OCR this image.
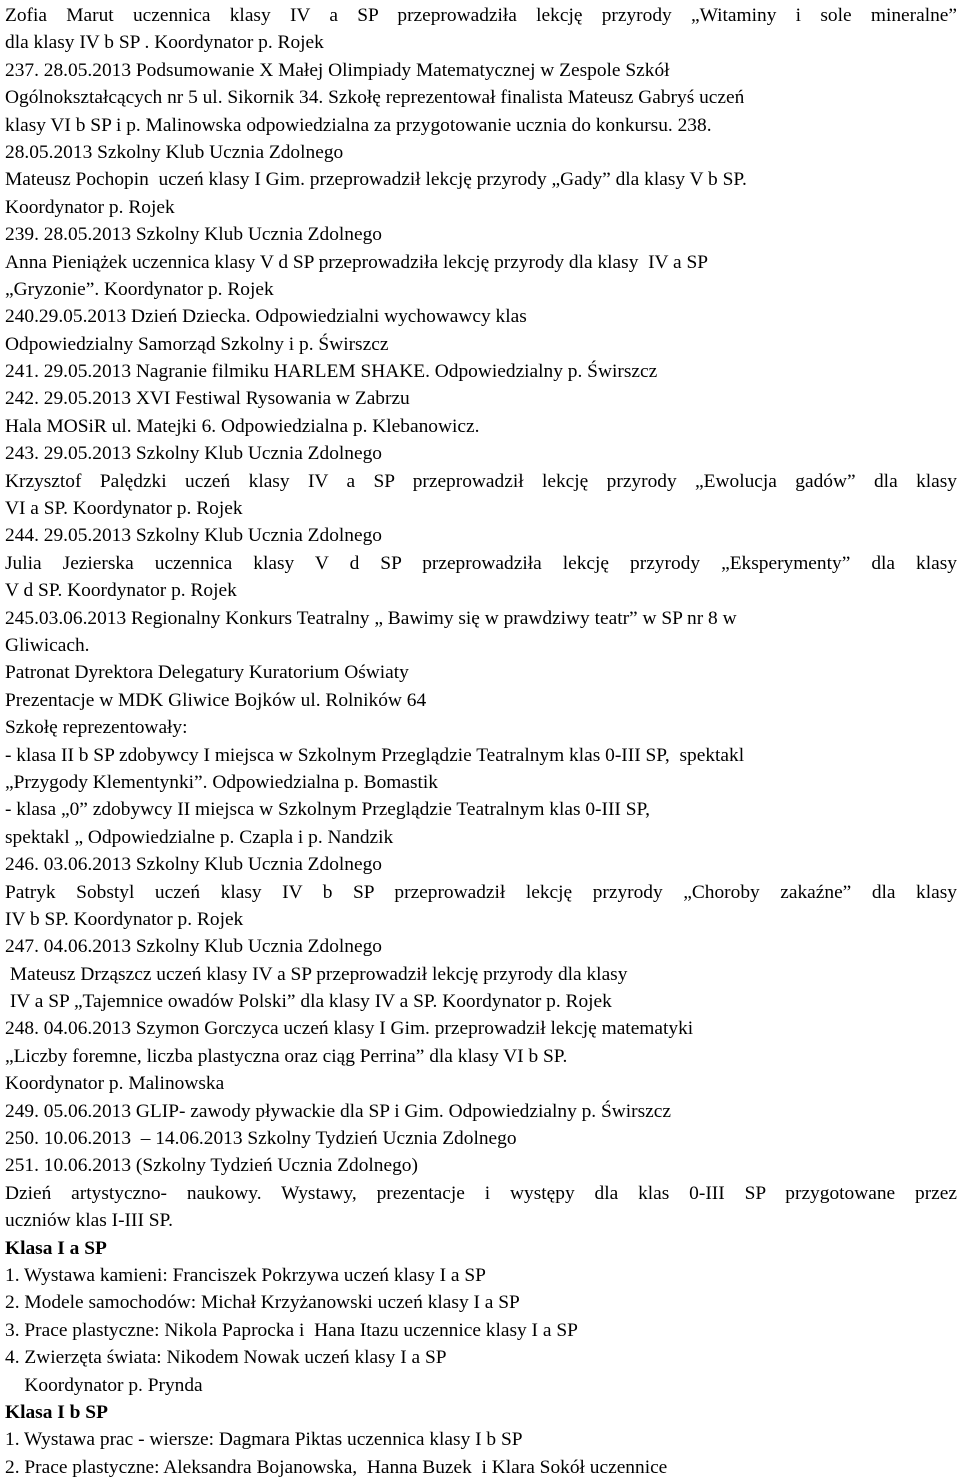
Zofia Marut uczennica klasy IV a SP przeprowadziła lekcję przyrody „Witaminy i sole mineralne”
dla klasy IV b SP . Koordynator p. Rojek
237. 28.05.2013 Podsumowanie X Małej Olimpiady Matematycznej w Zespole Szkół
Ogólnokształcących nr 5 ul. Sikornik 34. Szkołę reprezentował finalista Mateusz Gabryś uczeń
klasy VI b SP i p. Malinowska odpowiedzialna za przygotowanie ucznia do konkursu. 238.
28.05.2013 Szkolny Klub Ucznia Zdolnego
Mateusz Pochopin  uczeń klasy I Gim. przeprowadził lekcję przyrody „Gady” dla klasy V b SP.
Koordynator p. Rojek
239. 28.05.2013 Szkolny Klub Ucznia Zdolnego
Anna Pieniążek uczennica klasy V d SP przeprowadziła lekcję przyrody dla klasy  IV a SP
„Gryzonie”. Koordynator p. Rojek
240.29.05.2013 Dzień Dziecka. Odpowiedzialni wychowawcy klas
Odpowiedzialny Samorząd Szkolny i p. Świrszcz
241. 29.05.2013 Nagranie filmiku HARLEM SHAKE. Odpowiedzialny p. Świrszcz
242. 29.05.2013 XVI Festiwal Rysowania w Zabrzu
Hala MOSiR ul. Matejki 6. Odpowiedzialna p. Klebanowicz.
243. 29.05.2013 Szkolny Klub Ucznia Zdolnego
Krzysztof Palędzki uczeń klasy IV a SP przeprowadził lekcję przyrody „Ewolucja gadów” dla klasy
VI a SP. Koordynator p. Rojek
244. 29.05.2013 Szkolny Klub Ucznia Zdolnego
Julia Jezierska uczennica klasy V d SP przeprowadziła lekcję przyrody „Eksperymenty” dla klasy
V d SP. Koordynator p. Rojek
245.03.06.2013 Regionalny Konkurs Teatralny „ Bawimy się w prawdziwy teatr” w SP nr 8 w
Gliwicach.
Patronat Dyrektora Delegatury Kuratorium Oświaty
Prezentacje w MDK Gliwice Bojków ul. Rolników 64
Szkołę reprezentowały:
- klasa II b SP zdobywcy I miejsca w Szkolnym Przeglądzie Teatralnym klas 0-III SP,  spektakl
„Przygody Klementynki”. Odpowiedzialna p. Bomastik
- klasa „0” zdobywcy II miejsca w Szkolnym Przeglądzie Teatralnym klas 0-III SP,
spektakl „ Odpowiedzialne p. Czapla i p. Nandzik
246. 03.06.2013 Szkolny Klub Ucznia Zdolnego
Patryk Sobstyl uczeń klasy IV b SP przeprowadził lekcję przyrody „Choroby zakaźne” dla klasy
IV b SP. Koordynator p. Rojek
247. 04.06.2013 Szkolny Klub Ucznia Zdolnego
Mateusz Drząszcz uczeń klasy IV a SP przeprowadził lekcję przyrody dla klasy
IV a SP „Tajemnice owadów Polski” dla klasy IV a SP. Koordynator p. Rojek
248. 04.06.2013 Szymon Gorczyca uczeń klasy I Gim. przeprowadził lekcję matematyki
„Liczby foremne, liczba plastyczna oraz ciąg Perrina” dla klasy VI b SP.
Koordynator p. Malinowska
249. 05.06.2013 GLIP- zawody pływackie dla SP i Gim. Odpowiedzialny p. Świrszcz
250. 10.06.2013  – 14.06.2013 Szkolny Tydzień Ucznia Zdolnego
251. 10.06.2013 (Szkolny Tydzień Ucznia Zdolnego)
Dzień artystyczno- naukowy. Wystawy, prezentacje i występy dla klas 0-III SP przygotowane przez
uczniów klas I-III SP.
Klasa I a SP
1. Wystawa kamieni: Franciszek Pokrzywa uczeń klasy I a SP
2. Modele samochodów: Michał Krzyżanowski uczeń klasy I a SP
3. Prace plastyczne: Nikola Paprocka i  Hana Itazu uczennice klasy I a SP
4. Zwierzęta świata: Nikodem Nowak uczeń klasy I a SP
Koordynator p. Prynda
Klasa I b SP
1. Wystawa prac - wiersze: Dagmara Piktas uczennica klasy I b SP
2. Prace plastyczne: Aleksandra Bojanowska,  Hanna Buzek  i Klara Sokół uczennice
